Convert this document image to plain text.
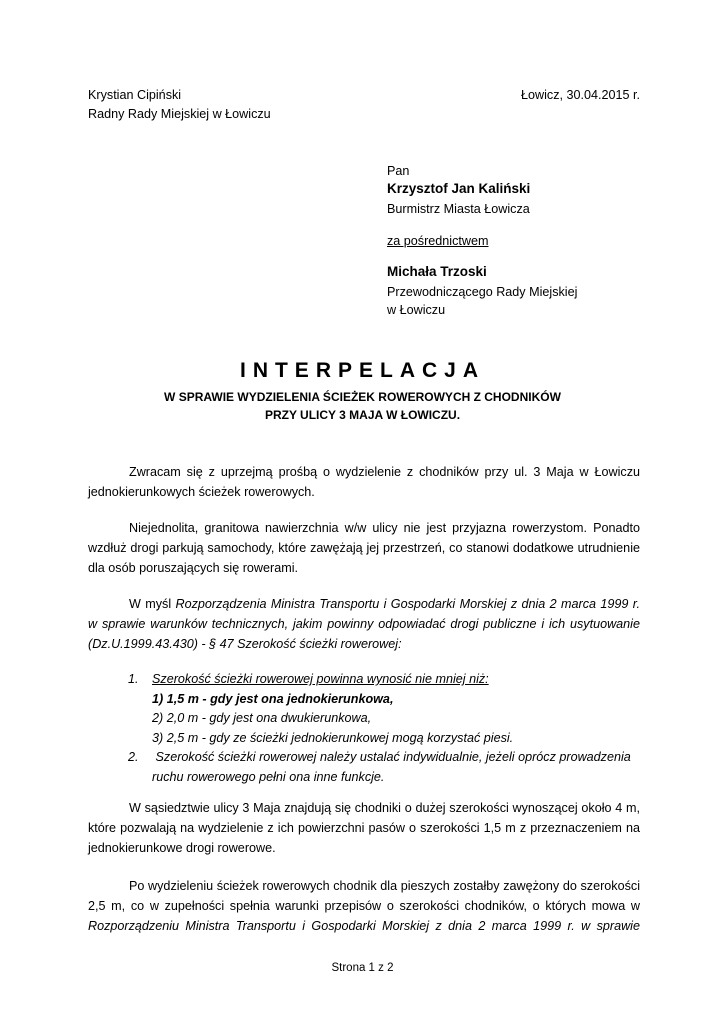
Krystian Cipiński
Radny Rady Miejskiej w Łowiczu
Łowicz, 30.04.2015 r.
Pan
Krzysztof Jan Kaliński
Burmistrz Miasta Łowicza
za pośrednictwem
Michała Trzoski
Przewodniczącego Rady Miejskiej
w Łowiczu
INTERPELACJA
W SPRAWIE WYDZIELENIA ŚCIEŻEK ROWEROWYCH Z CHODNIKÓW
PRZY ULICY 3 MAJA W ŁOWICZU.

Zwracam się z uprzejmą prośbą o wydzielenie z chodników przy ul. 3 Maja w Łowiczu jednokierunkowych ścieżek rowerowych.

Niejednolita, granitowa nawierzchnia w/w ulicy nie jest przyjazna rowerzystom. Ponadto wzdłuż drogi parkują samochody, które zawężają jej przestrzeń, co stanowi dodatkowe utrudnienie dla osób poruszających się rowerami.

W myśl Rozporządzenia Ministra Transportu i Gospodarki Morskiej z dnia 2 marca 1999 r. w sprawie warunków technicznych, jakim powinny odpowiadać drogi publiczne i ich usytuowanie (Dz.U.1999.43.430) - § 47 Szerokość ścieżki rowerowej:

1. Szerokość ścieżki rowerowej powinna wynosić nie mniej niż:
1) 1,5 m - gdy jest ona jednokierunkowa,
2) 2,0 m - gdy jest ona dwukierunkowa,
3) 2,5 m - gdy ze ścieżki jednokierunkowej mogą korzystać piesi.
2. Szerokość ścieżki rowerowej należy ustalać indywidualnie, jeżeli oprócz prowadzenia
ruchu rowerowego pełni ona inne funkcje.

W sąsiedztwie ulicy 3 Maja znajdują się chodniki o dużej szerokości wynoszącej około 4 m, które pozwalają na wydzielenie z ich powierzchni pasów o szerokości 1,5 m z przeznaczeniem na jednokierunkowe drogi rowerowe.

Po wydzieleniu ścieżek rowerowych chodnik dla pieszych zostałby zawężony do szerokości 2,5 m, co w zupełności spełnia warunki przepisów o szerokości chodników, o których mowa w Rozporządzeniu Ministra Transportu i Gospodarki Morskiej z dnia 2 marca 1999 r. w sprawie

Strona 1 z 2
